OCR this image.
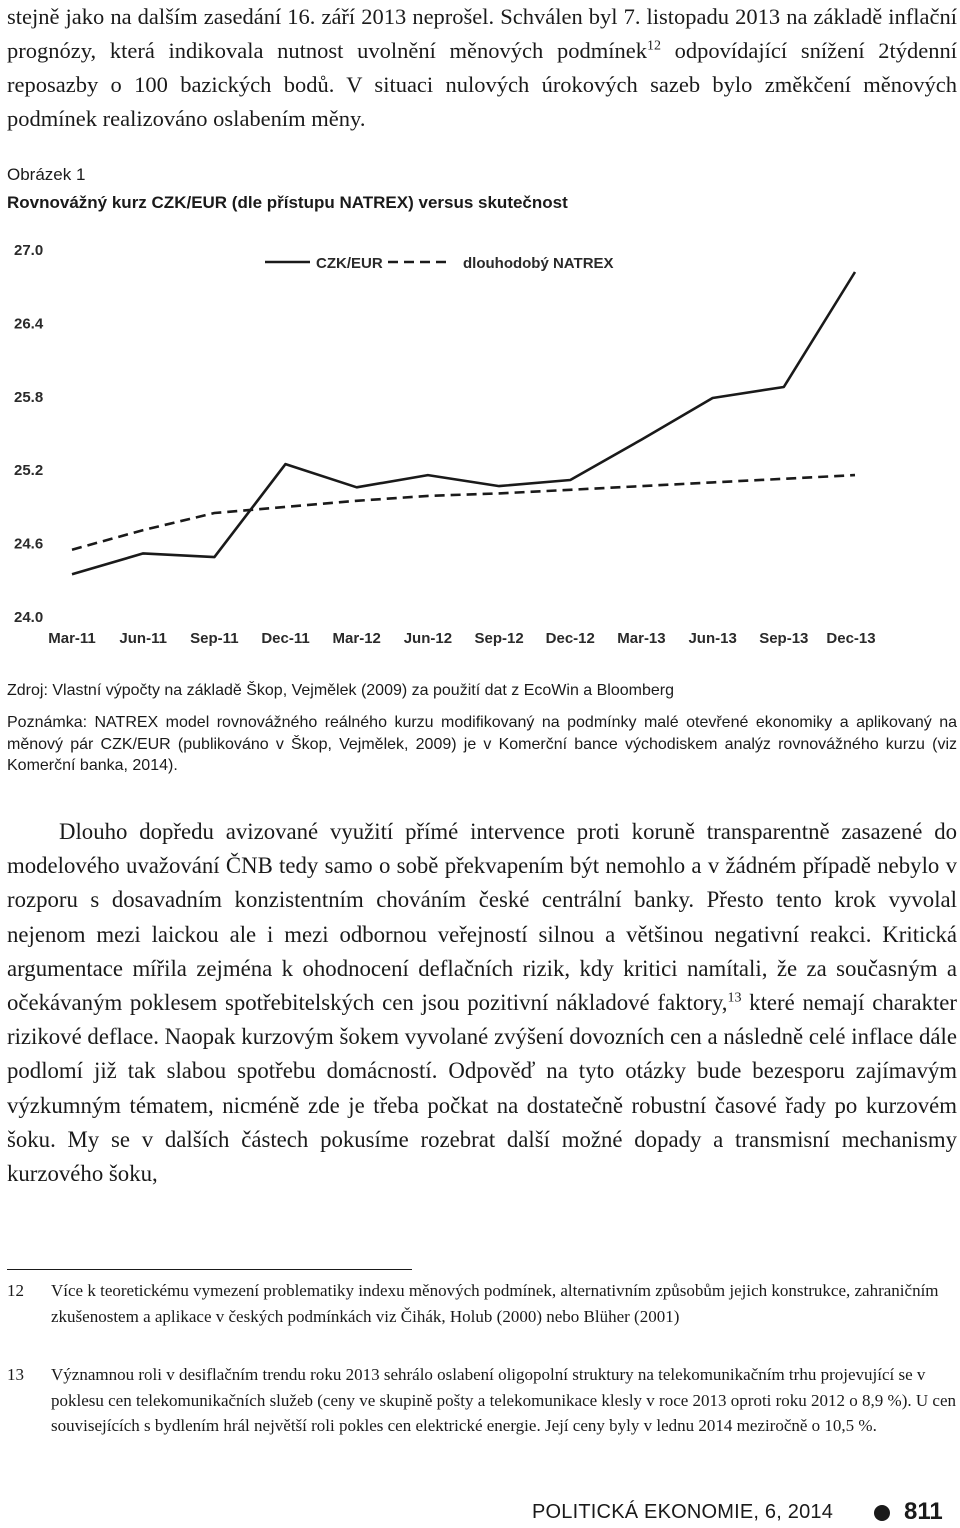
stejně jako na dalším zasedání 16. září 2013 neprošel. Schválen byl 7. listopadu 2013 na základě inflační prognózy, která indikovala nutnost uvolnění měnových podmínek$^{12}$ odpovídající snížení 2týdenní reposazby o 100 bazických bodů. V situaci nulových úrokových sazeb bylo změkčení měnových podmínek realizováno oslabením měny.

Obrázek 1

Rovnovážný kurz CZK/EUR (dle přístupu NATREX) versus skutečnost

27.0
26.4
25.8
25.2
24.6
24.0
Mar-11 Jun-11 Sep-11 Dec-11 Mar-12 Jun-12 Sep-12 Dec-12 Mar-13 Jun-13 Sep-13 Dec-13
CZK/EUR	dlouhodobý NATREX

Zdroj: Vlastní výpočty na základě Škop, Vejmělek (2009) za použití dat z EcoWin a Bloomberg

Poznámka: NATREX model rovnovážného reálného kurzu modifikovaný na podmínky malé otevřené ekonomiky a aplikovaný na měnový pár CZK/EUR (publikováno v Škop, Vejmělek, 2009) je v Komerční bance východiskem analýz rovnovážného kurzu (viz Komerční banka, 2014).

Dlouho dopředu avizované využití přímé intervence proti koruně transparentně zasazené do modelového uvažování ČNB tedy samo o sobě překvapením být nemohlo a v žádném případě nebylo v rozporu s dosavadním konzistentním chováním české centrální banky. Přesto tento krok vyvolal nejenom mezi laickou ale i mezi odbornou veřejností silnou a většinou negativní reakci. Kritická argumentace mířila zejména k ohodnocení deflačních rizik, kdy kritici namítali, že za současným a očekávaným poklesem spotřebitelských cen jsou pozitivní nákladové faktory,$^{13}$ které nemají charakter rizikové deflace. Naopak kurzovým šokem vyvolané zvýšení dovozních cen a následně celé inflace dále podlomí již tak slabou spotřebu domácností. Odpověď na tyto otázky bude bezesporu zajímavým výzkumným tématem, nicméně zde je třeba počkat na dostatečně robustní časové řady po kurzovém šoku. My se v dalších částech pokusíme rozebrat další možné dopady a transmisní mechanismy kurzového šoku,

12 Více k teoretickému vymezení problematiky indexu měnových podmínek, alternativním způsobům jejich konstrukce, zahraničním zkušenostem a aplikace v českých podmínkách viz Čihák, Holub (2000) nebo Blüher (2001)
13 Významnou roli v desiflačním trendu roku 2013 sehrálo oslabení oligopolní struktury na telekomunikačním trhu projevující se v poklesu cen telekomunikačních služeb (ceny ve skupině pošty a telekomunikace klesly v roce 2013 oproti roku 2012 o 8,9 %). U cen souvisejících s bydlením hrál největší roli pokles cen elektrické energie. Její ceny byly v lednu 2014 meziročně o 10,5 %.
POLITICKÁ EKONOMIE, 6, 2014	811
